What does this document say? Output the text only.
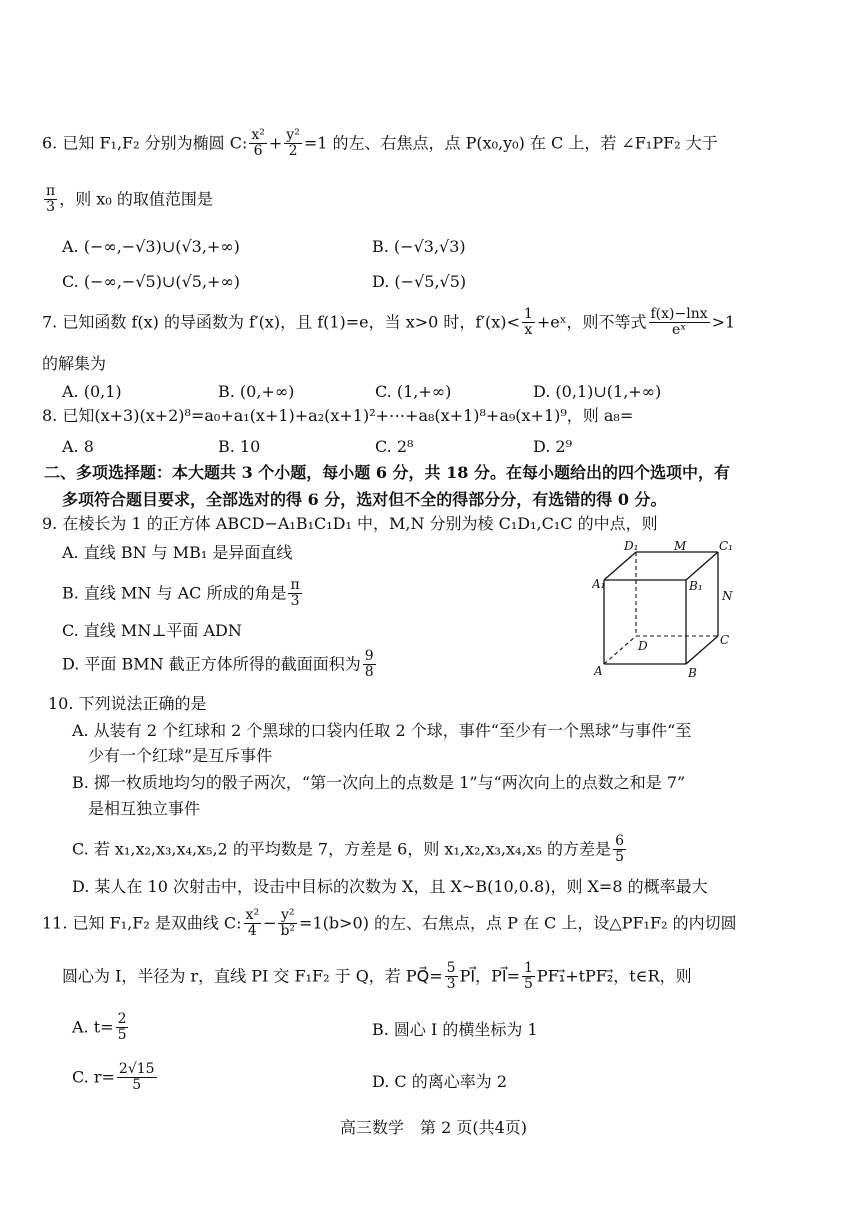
6. 已知 F₁,F₂ 分别为椭圆 C: $\frac{\text{x²}}{6} + \frac{\text{y²}}{2} =1$ 的左、右焦点，点 P(x₀,y₀) 在 C 上，若 ∠F₁PF₂ 大于
$\frac{\pi}{3}$ ，则 x₀ 的取值范围是
A. (−∞,−√3)∪(√3,+∞)	B. (−√3,√3)
C. (−∞,−√5)∪(√5,+∞)	D. (−√5,√5)
7. 已知函数 f(x) 的导函数为 f′(x)，且 f(1)=e，当 x>0 时，$f'(x)< \frac{1}{x}$ +eˣ，则不等式 $\frac{f(x)-\ln x}{\text{eˣ}} >1$
的解集为
A. (0,1)	B. (0,+∞)	C. (1,+∞)	D. (0,1)∪(1,+∞)
8. 已知(x+3)(x+2)⁸=a₀+a₁(x+1)+a₂(x+1)²+⋯+a₈(x+1)⁸+a₉(x+1)⁹，则 a₈=
A. 8	B. 10	C. 2⁸	D. 2⁹
二、多项选择题：本大题共 3 个小题，每小题 6 分，共 18 分。在每小题给出的四个选项中，有
多项符合题目要求，全部选对的得 6 分，选对但不全的得部分分，有选错的得 0 分。
9. 在棱长为 1 的正方体 ABCD−A₁B₁C₁D₁ 中，M,N 分别为棱 C₁D₁,C₁C 的中点，则
A. 直线 BN 与 MB₁ 是异面直线
B. 直线 MN 与 AC 所成的角是 $\frac{\pi}{3}$
C. 直线 MN⊥平面 ADN
D. 平面 BMN 截正方体所得的截面面积为 $\frac{9}{8}$
D₁	M	C₁
A₁	B₁
N
D	C
A	B
10. 下列说法正确的是
A. 从装有 2 个红球和 2 个黑球的口袋内任取 2 个球，事件“至少有一个黑球”与事件“至
少有一个红球”是互斥事件
B. 掷一枚质地均匀的骰子两次，“第一次向上的点数是 1”与“两次向上的点数之和是 7”
是相互独立事件
C. 若 x₁,x₂,x₃,x₄,x₅,2 的平均数是 7，方差是 6，则 x₁,x₂,x₃,x₄,x₅ 的方差是 $\frac{6}{5}$
D. 某人在 10 次射击中，设击中目标的次数为 X，且 X~B(10,0.8)，则 X=8 的概率最大
11. 已知 F₁,F₂ 是双曲线 C: $\frac{\text{x²}}{4} - \frac{\text{y²}}{\text{b²}} =1(b>0)$ 的左、右焦点，点 P 在 C 上，设△PF₁F₂ 的内切圆
圆心为 I，半径为 r，直线 PI 交 F₁F₂ 于 Q，若 PQ⃗= $\frac{5}{3}$ PI⃗，PI⃗= $\frac{1}{5}$ PF₁⃗+tPF₂⃗，t∈R，则
A. $t= \frac{2}{5}$	B. 圆心 I 的横坐标为 1
C. $r= \frac{2√15}{5}$	D. C 的离心率为 2
高三数学　第 2 页(共4页)
